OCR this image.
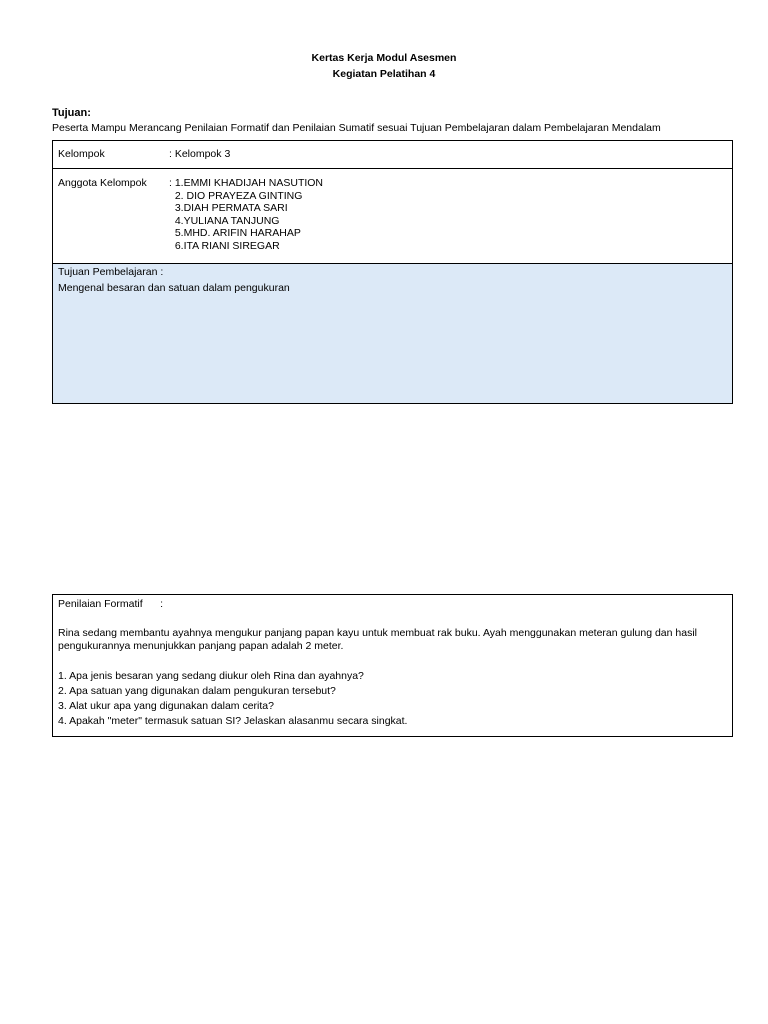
Kertas Kerja Modul Asesmen
Kegiatan Pelatihan 4
Tujuan:
Peserta Mampu Merancang Penilaian Formatif dan Penilaian Sumatif sesuai Tujuan Pembelajaran dalam Pembelajaran Mendalam
Kelompok	: Kelompok 3
Anggota Kelompok : 1.EMMI KHADIJAH NASUTION
2. DIO PRAYEZA GINTING
3.DIAH PERMATA SARI
4.YULIANA TANJUNG
5.MHD. ARIFIN HARAHAP
6.ITA RIANI SIREGAR
Tujuan Pembelajaran :
Mengenal besaran dan satuan dalam pengukuran
Penilaian Formatif      :
Rina sedang membantu ayahnya mengukur panjang papan kayu untuk membuat rak buku. Ayah menggunakan meteran gulung dan hasil pengukurannya menunjukkan panjang papan adalah 2 meter.
1. Apa jenis besaran yang sedang diukur oleh Rina dan ayahnya?
2. Apa satuan yang digunakan dalam pengukuran tersebut?
3. Alat ukur apa yang digunakan dalam cerita?
4. Apakah "meter" termasuk satuan SI? Jelaskan alasanmu secara singkat.
